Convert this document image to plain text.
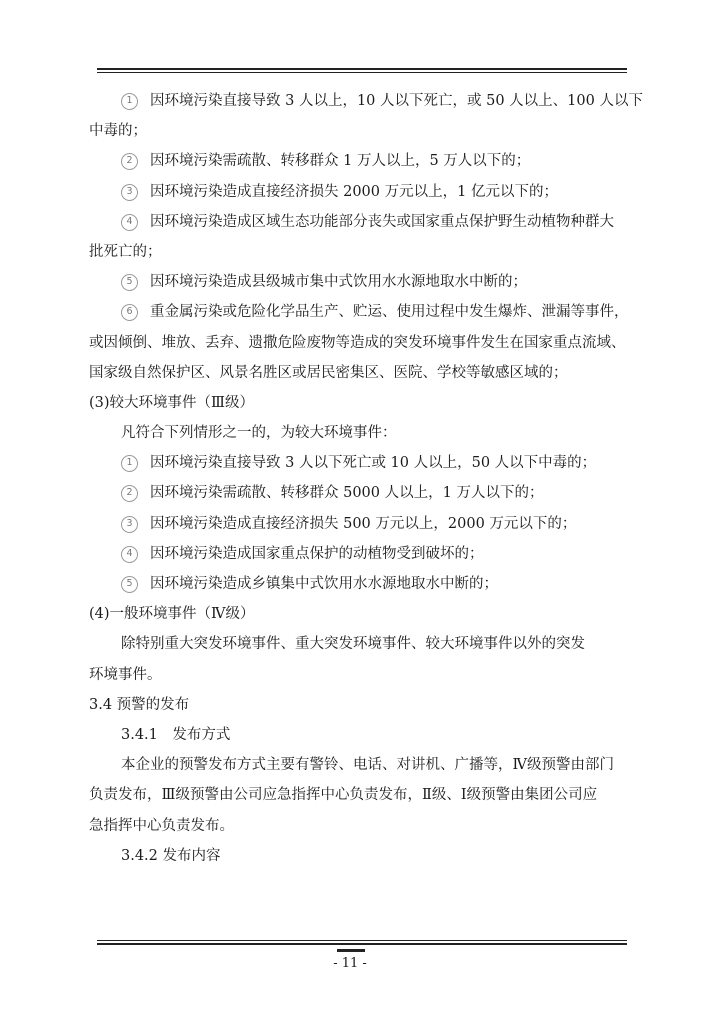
1 因环境污染直接导致 3 人以上，10 人以下死亡，或 50 人以上、100 人以下
中毒的；
2 因环境污染需疏散、转移群众 1 万人以上，5 万人以下的；
3 因环境污染造成直接经济损失 2000 万元以上，1 亿元以下的；
4 因环境污染造成区域生态功能部分丧失或国家重点保护野生动植物种群大
批死亡的；
5 因环境污染造成县级城市集中式饮用水水源地取水中断的；
6 重金属污染或危险化学品生产、贮运、使用过程中发生爆炸、泄漏等事件，
或因倾倒、堆放、丢弃、遗撒危险废物等造成的突发环境事件发生在国家重点流域、
国家级自然保护区、风景名胜区或居民密集区、医院、学校等敏感区域的；
(3)较大环境事件（Ⅲ级）
凡符合下列情形之一的，为较大环境事件：
1 因环境污染直接导致 3 人以下死亡或 10 人以上，50 人以下中毒的；
2 因环境污染需疏散、转移群众 5000 人以上，1 万人以下的；
3 因环境污染造成直接经济损失 500 万元以上，2000 万元以下的；
4 因环境污染造成国家重点保护的动植物受到破坏的；
5 因环境污染造成乡镇集中式饮用水水源地取水中断的；
(4)一般环境事件（Ⅳ级）
除特别重大突发环境事件、重大突发环境事件、较大环境事件以外的突发
环境事件。
3.4 预警的发布
3.4.1　发布方式
本企业的预警发布方式主要有警铃、电话、对讲机、广播等，Ⅳ级预警由部门
负责发布，Ⅲ级预警由公司应急指挥中心负责发布，Ⅱ级、Ⅰ级预警由集团公司应
急指挥中心负责发布。
3.4.2 发布内容
- 11 -
